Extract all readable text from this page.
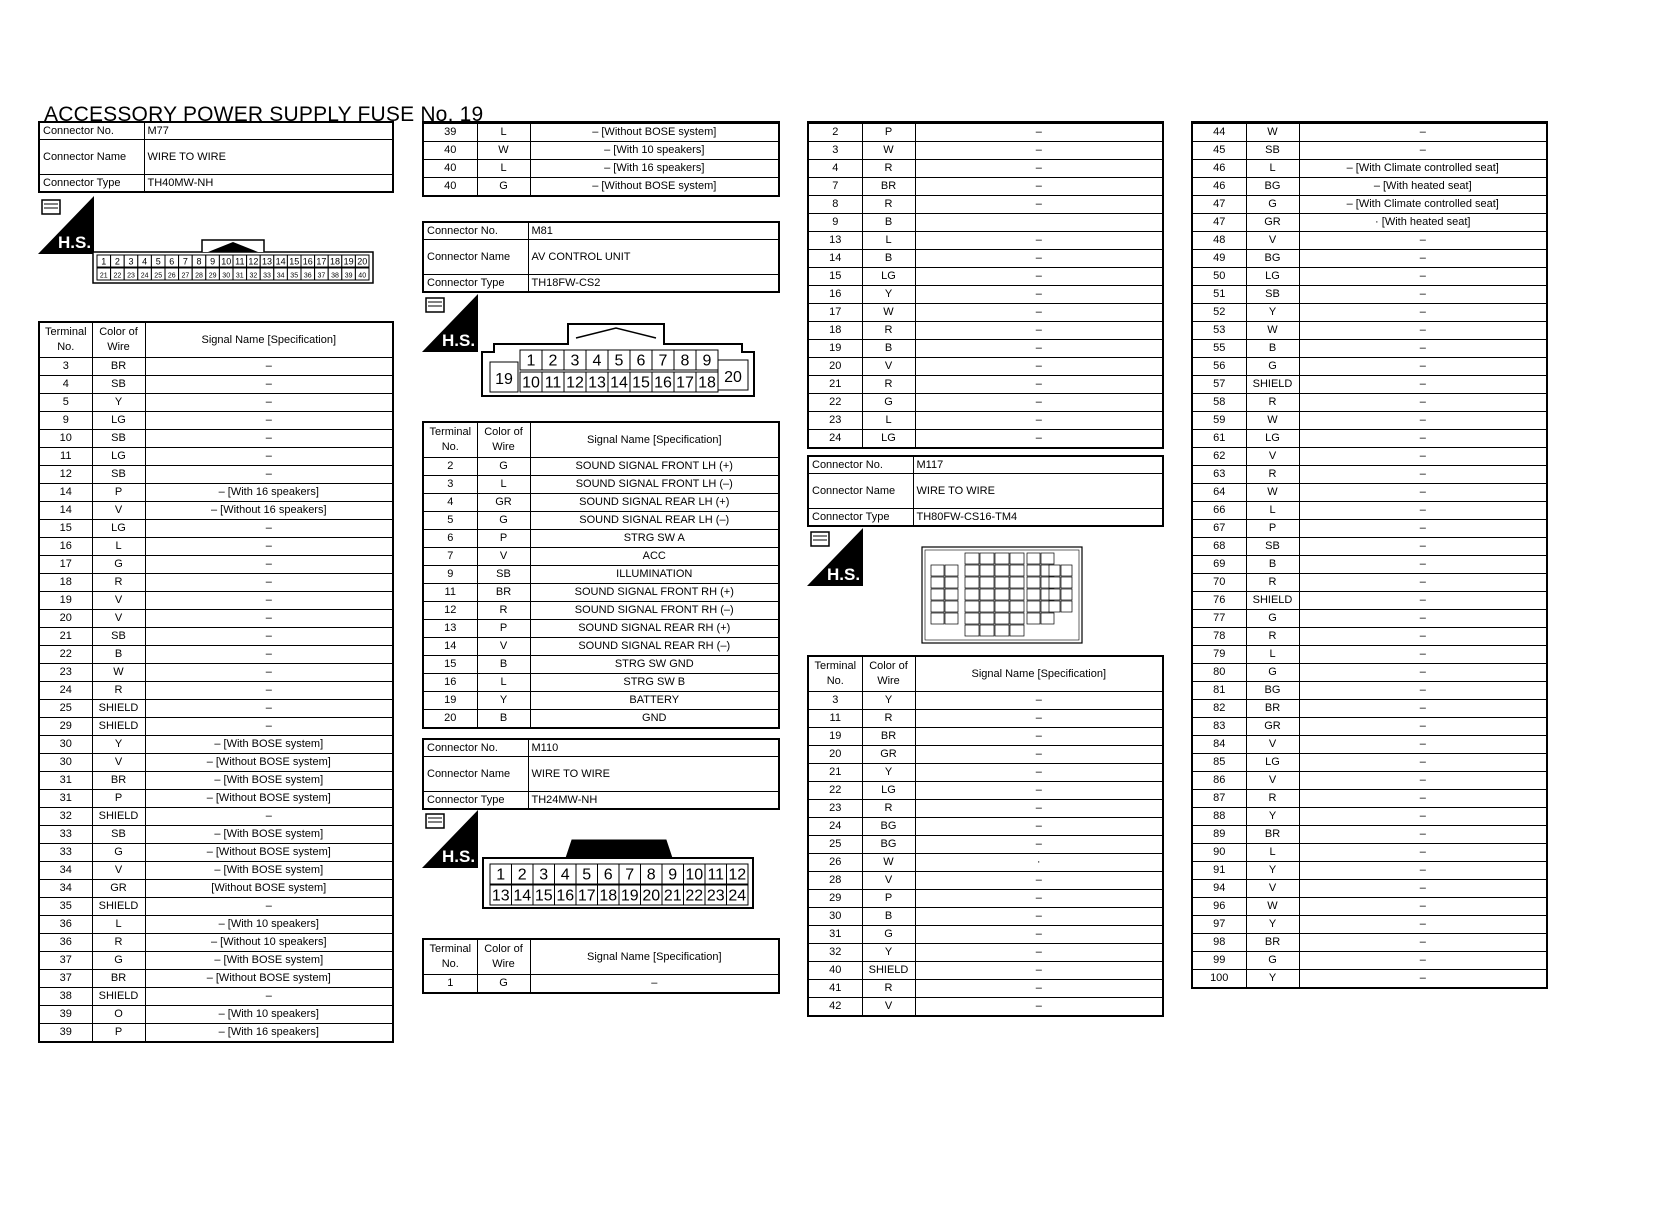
ACCESSORY POWER SUPPLY FUSE No. 19
Connector No.	M77
Connector Name	WIRE TO WIRE
Connector Type	TH40MW-NH
H.S.
1 2 3 4 5 6 7 8 9 10 11 12 13 14 15 16 17 18 19 20
21 22 23 24 25 26 27 28 29 30 31 32 33 34 35 36 37 38 39 40
Terminal No.	Color of Wire	Signal Name [Specification]
3	BR	–
4	SB	–
5	Y	–
9	LG	–
10	SB	–
11	LG	–
12	SB	–
14	P	– [With 16 speakers]
14	V	– [Without 16 speakers]
15	LG	–
16	L	–
17	G	–
18	R	–
19	V	–
20	V	–
21	SB	–
22	B	–
23	W	–
24	R	–
25	SHIELD	–
29	SHIELD	–
30	Y	– [With BOSE system]
30	V	– [Without BOSE system]
31	BR	– [With BOSE system]
31	P	– [Without BOSE system]
32	SHIELD	–
33	SB	– [With BOSE system]
33	G	– [Without BOSE system]
34	V	– [With BOSE system]
34	GR	[Without BOSE system]
35	SHIELD	–
36	L	– [With 10 speakers]
36	R	– [Without 10 speakers]
37	G	– [With BOSE system]
37	BR	– [Without BOSE system]
38	SHIELD	–
39	O	– [With 10 speakers]
39	P	– [With 16 speakers]
39	L	– [Without BOSE system]
40	W	– [With 10 speakers]
40	L	– [With 16 speakers]
40	G	– [Without BOSE system]
Connector No.	M81
Connector Name	AV CONTROL UNIT
Connector Type	TH18FW-CS2
H.S.
1 2 3 4 5 6 7 8 9
10 11 12 13 14 15 16 17 18
19	20
Terminal No.	Color of Wire	Signal Name [Specification]
2	G	SOUND SIGNAL FRONT LH (+)
3	L	SOUND SIGNAL FRONT LH (–)
4	GR	SOUND SIGNAL REAR LH (+)
5	G	SOUND SIGNAL REAR LH (–)
6	P	STRG SW A
7	V	ACC
9	SB	ILLUMINATION
11	BR	SOUND SIGNAL FRONT RH (+)
12	R	SOUND SIGNAL FRONT RH (–)
13	P	SOUND SIGNAL REAR RH (+)
14	V	SOUND SIGNAL REAR RH (–)
15	B	STRG SW GND
16	L	STRG SW B
19	Y	BATTERY
20	B	GND
Connector No.	M110
Connector Name	WIRE TO WIRE
Connector Type	TH24MW-NH
H.S.
1 2 3 4 5 6 7 8 9 10 11 12
13 14 15 16 17 18 19 20 21 22 23 24
Terminal No.	Color of Wire	Signal Name [Specification]
1	G	–
2	P	–
3	W	–
4	R	–
7	BR	–
8	R	–
9	B	
13	L	–
14	B	–
15	LG	–
16	Y	–
17	W	–
18	R	–
19	B	–
20	V	–
21	R	–
22	G	–
23	L	–
24	LG	–
Connector No.	M117
Connector Name	WIRE TO WIRE
Connector Type	TH80FW-CS16-TM4
H.S.
Terminal No.	Color of Wire	Signal Name [Specification]
3	Y	–
11	R	–
19	BR	–
20	GR	–
21	Y	–
22	LG	–
23	R	–
24	BG	–
25	BG	–
26	W	·
28	V	–
29	P	–
30	B	–
31	G	–
32	Y	–
40	SHIELD	–
41	R	–
42	V	–
44	W	–
45	SB	–
46	L	– [With Climate controlled seat]
46	BG	– [With heated seat]
47	G	– [With Climate controlled seat]
47	GR	· [With heated seat]
48	V	–
49	BG	–
50	LG	–
51	SB	–
52	Y	–
53	W	–
55	B	–
56	G	–
57	SHIELD	–
58	R	–
59	W	–
61	LG	–
62	V	–
63	R	–
64	W	–
66	L	–
67	P	–
68	SB	–
69	B	–
70	R	–
76	SHIELD	–
77	G	–
78	R	–
79	L	–
80	G	–
81	BG	–
82	BR	–
83	GR	–
84	V	–
85	LG	–
86	V	–
87	R	–
88	Y	–
89	BR	–
90	L	–
91	Y	–
94	V	–
96	W	–
97	Y	–
98	BR	–
99	G	–
100	Y	–
